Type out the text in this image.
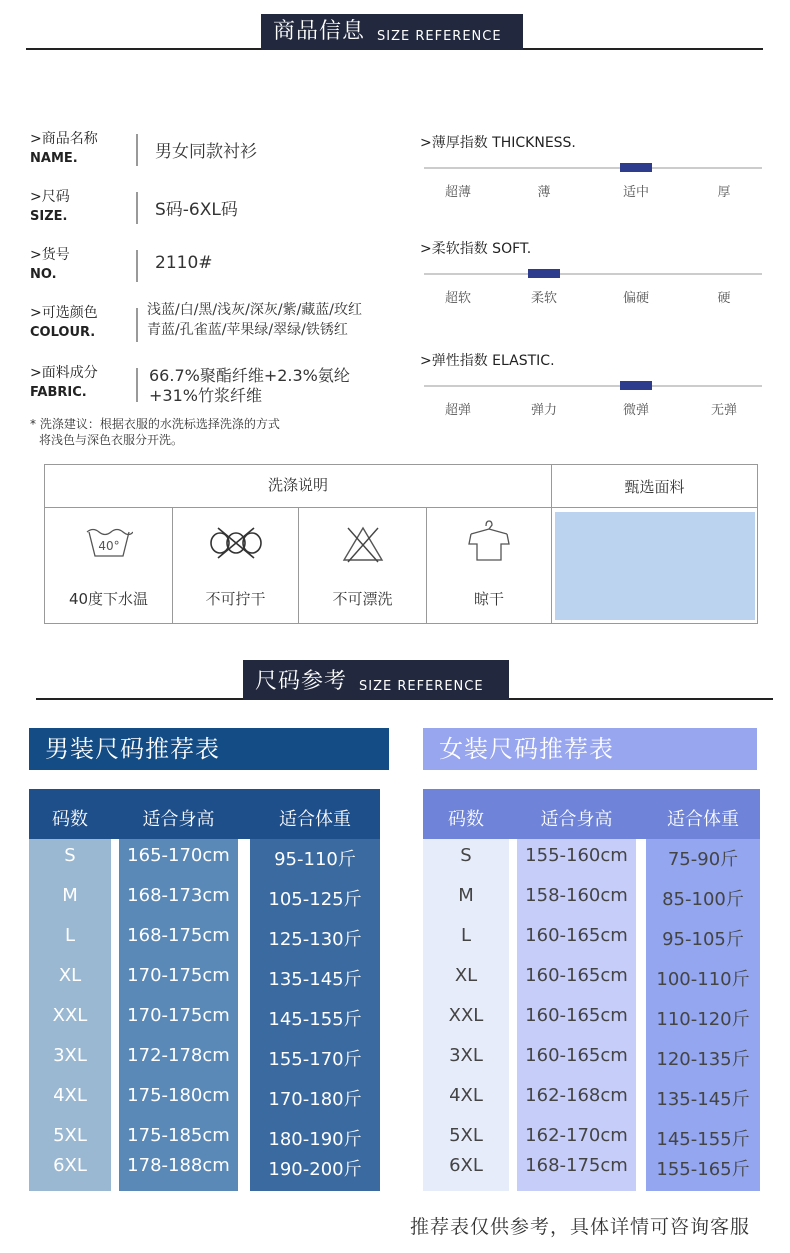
商品信息 SIZE REFERENCE
>商品名称
NAME.	男女同款衬衫
>尺码
SIZE.	S码-6XL码
>货号
NO.
2110#
>可选颜色
COLOUR.
浅蓝/白/黑/浅灰/深灰/紫/藏蓝/玫红
青蓝/孔雀蓝/苹果绿/翠绿/铁锈红
>面料成分
FABRIC.
66.7%聚酯纤维+2.3%氨纶
+31%竹浆纤维
* 洗涤建议：根据衣服的水洗标选择洗涤的方式
将浅色与深色衣服分开洗。
>薄厚指数 THICKNESS.
超薄	薄	适中	厚
>柔软指数 SOFT.
超软	柔软	偏硬	硬
>弹性指数 ELASTIC.
超弹	弹力	微弹	无弹
洗涤说明	甄选面料
40°
40度下水温	不可拧干	不可漂洗	晾干
尺码参考 SIZE REFERENCE
男装尺码推荐表
码数	适合身高	适合体重
S	165-170cm	95-110斤
M	168-173cm	105-125斤
L	168-175cm	125-130斤
XL	170-175cm	135-145斤
XXL	170-175cm	145-155斤
3XL	172-178cm	155-170斤
4XL	175-180cm	170-180斤
5XL	175-185cm	180-190斤
6XL	178-188cm	190-200斤
女装尺码推荐表
码数	适合身高	适合体重
S	155-160cm	75-90斤
M	158-160cm	85-100斤
L	160-165cm	95-105斤
XL	160-165cm	100-110斤
XXL	160-165cm	110-120斤
3XL	160-165cm	120-135斤
4XL	162-168cm	135-145斤
5XL	162-170cm	145-155斤
6XL	168-175cm	155-165斤
推荐表仅供参考，具体详情可咨询客服
